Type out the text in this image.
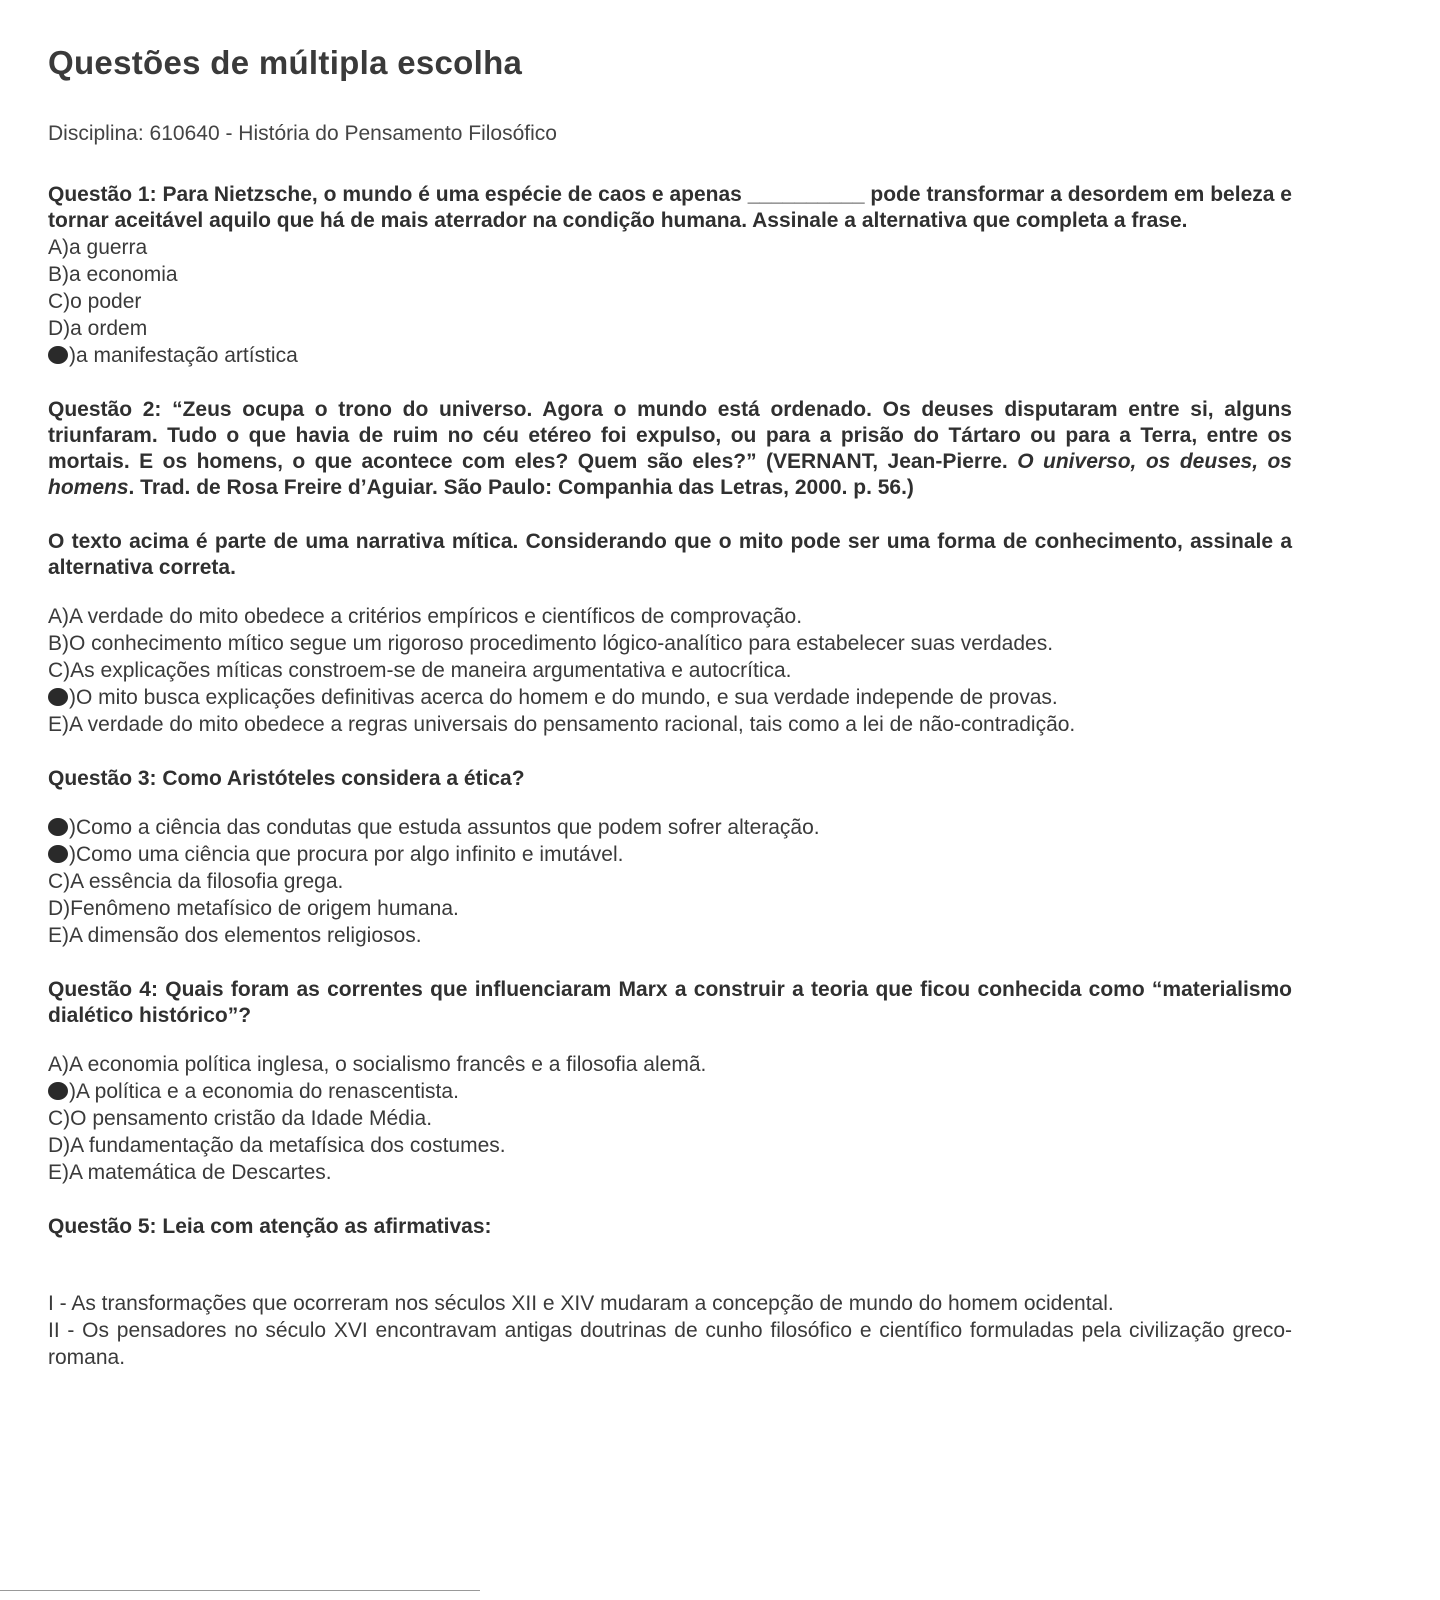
Questões de múltipla escolha
Disciplina: 610640 - História do Pensamento Filosófico
Questão 1: Para Nietzsche, o mundo é uma espécie de caos e apenas __________ pode transformar a desordem em beleza e tornar aceitável aquilo que há de mais aterrador na condição humana. Assinale a alternativa que completa a frase.
A)a guerra
B)a economia
C)o poder
D)a ordem
)a manifestação artística
Questão 2: “Zeus ocupa o trono do universo. Agora o mundo está ordenado. Os deuses disputaram entre si, alguns triunfaram. Tudo o que havia de ruim no céu etéreo foi expulso, ou para a prisão do Tártaro ou para a Terra, entre os mortais. E os homens, o que acontece com eles? Quem são eles?” (VERNANT, Jean-Pierre. O universo, os deuses, os homens. Trad. de Rosa Freire d’Aguiar. São Paulo: Companhia das Letras, 2000. p. 56.)
O texto acima é parte de uma narrativa mítica. Considerando que o mito pode ser uma forma de conhecimento, assinale a alternativa correta.
A)A verdade do mito obedece a critérios empíricos e científicos de comprovação.
B)O conhecimento mítico segue um rigoroso procedimento lógico-analítico para estabelecer suas verdades.
C)As explicações míticas constroem-se de maneira argumentativa e autocrítica.
)O mito busca explicações definitivas acerca do homem e do mundo, e sua verdade independe de provas.
E)A verdade do mito obedece a regras universais do pensamento racional, tais como a lei de não-contradição.
Questão 3: Como Aristóteles considera a ética?
)Como a ciência das condutas que estuda assuntos que podem sofrer alteração.
)Como uma ciência que procura por algo infinito e imutável.
C)A essência da filosofia grega.
D)Fenômeno metafísico de origem humana.
E)A dimensão dos elementos religiosos.
Questão 4: Quais foram as correntes que influenciaram Marx a construir a teoria que ficou conhecida como “materialismo dialético histórico”?
A)A economia política inglesa, o socialismo francês e a filosofia alemã.
)A política e a economia do renascentista.
C)O pensamento cristão da Idade Média.
D)A fundamentação da metafísica dos costumes.
E)A matemática de Descartes.
Questão 5: Leia com atenção as afirmativas:
I - As transformações que ocorreram nos séculos XII e XIV mudaram a concepção de mundo do homem ocidental.
II - Os pensadores no século XVI encontravam antigas doutrinas de cunho filosófico e científico formuladas pela civilização greco-romana.
